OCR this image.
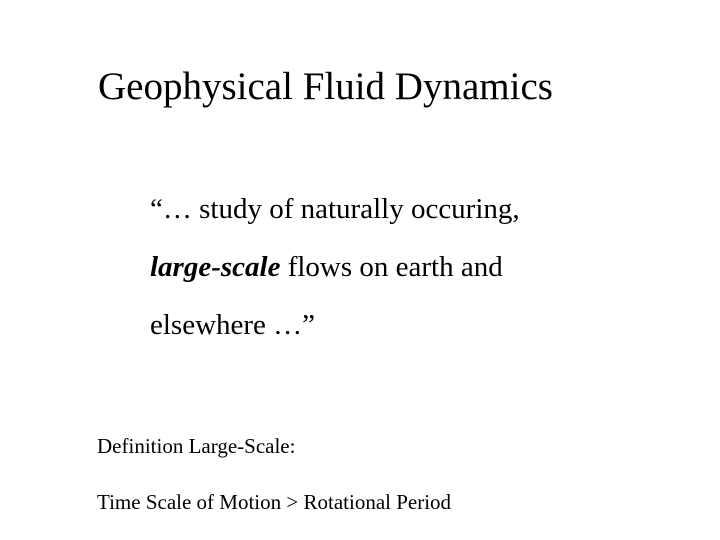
Geophysical Fluid Dynamics
“… study of naturally occuring,
large-scale flows on earth and
elsewhere …”
Definition Large-Scale:
Time Scale of Motion > Rotational Period
